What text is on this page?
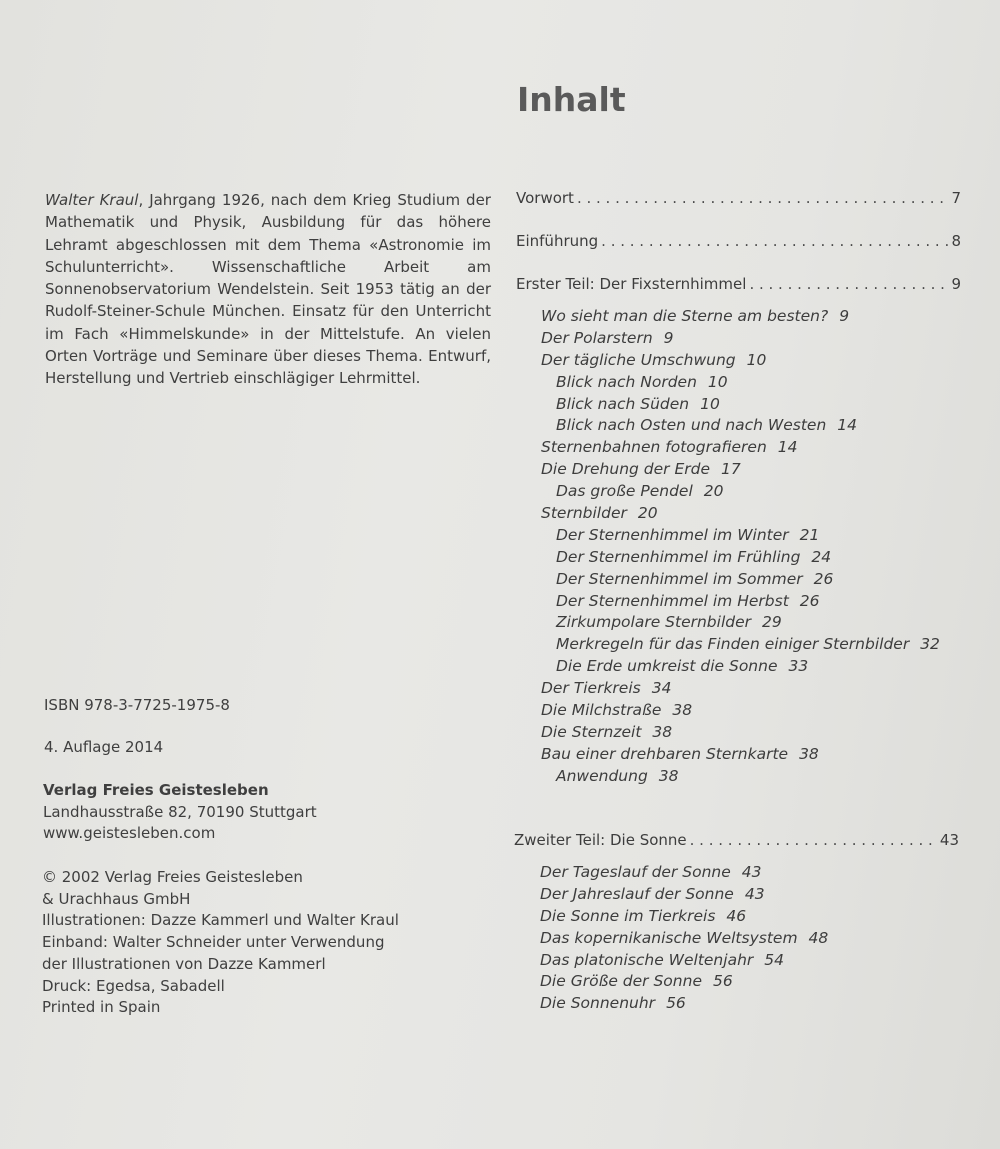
Inhalt

Walter Kraul, Jahrgang 1926, nach dem Krieg Studium der Mathematik und Physik, Ausbildung für das höhere Lehramt abgeschlossen mit dem Thema «Astronomie im Schulunterricht». Wissenschaftliche Arbeit am Sonnenobservatorium Wendelstein. Seit 1953 tätig an der Rudolf-Steiner-Schule München. Einsatz für den Unterricht im Fach «Himmelskunde» in der Mittelstufe. An vielen Orten Vorträge und Seminare über dieses Thema. Entwurf, Herstellung und Vertrieb einschlägiger Lehrmittel.

ISBN 978-3-7725-1975-8

4. Auflage 2014

Verlag Freies Geistesleben
Landhausstraße 82, 70190 Stuttgart
www.geistesleben.com

© 2002 Verlag Freies Geistesleben
& Urachhaus GmbH
Illustrationen: Dazze Kammerl und Walter Kraul
Einband: Walter Schneider unter Verwendung
der Illustrationen von Dazze Kammerl
Druck: Egedsa, Sabadell
Printed in Spain

Vorwort . . .	7
Einführung . . .	8
Erster Teil: Der Fixsternhimmel . . .	9
Wo sieht man die Sterne am besten? 9
Der Polarstern 9
Der tägliche Umschwung 10
Blick nach Norden 10
Blick nach Süden 10
Blick nach Osten und nach Westen 14
Sternenbahnen fotografieren 14
Die Drehung der Erde 17
Das große Pendel 20
Sternbilder 20
Der Sternenhimmel im Winter 21
Der Sternenhimmel im Frühling 24
Der Sternenhimmel im Sommer 26
Der Sternenhimmel im Herbst 26
Zirkumpolare Sternbilder 29
Merkregeln für das Finden einiger Sternbilder 32
Die Erde umkreist die Sonne 33
Der Tierkreis 34
Die Milchstraße 38
Die Sternzeit 38
Bau einer drehbaren Sternkarte 38
Anwendung 38
Zweiter Teil: Die Sonne . . .	43
Der Tageslauf der Sonne 43
Der Jahreslauf der Sonne 43
Die Sonne im Tierkreis 46
Das kopernikanische Weltsystem 48
Das platonische Weltenjahr 54
Die Größe der Sonne 56
Die Sonnenuhr 56
